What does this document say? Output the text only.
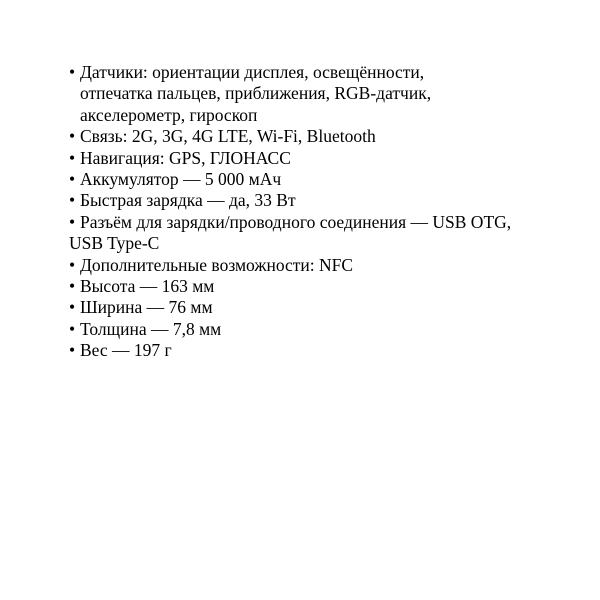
• Датчики: ориентации дисплея, освещённости,
отпечатка пальцев, приближения, RGB-датчик,
акселерометр, гироскоп
• Связь: 2G, 3G, 4G LTE, Wi-Fi, Bluetooth
• Навигация: GPS, ГЛОНАСС
• Аккумулятор — 5 000 мАч
• Быстрая зарядка — да, 33 Вт
• Разъём для зарядки/проводного соединения — USB OTG,
USB Type-C
• Дополнительные возможности: NFC
• Высота — 163 мм
• Ширина — 76 мм
• Толщина — 7,8 мм
• Вес — 197 г
